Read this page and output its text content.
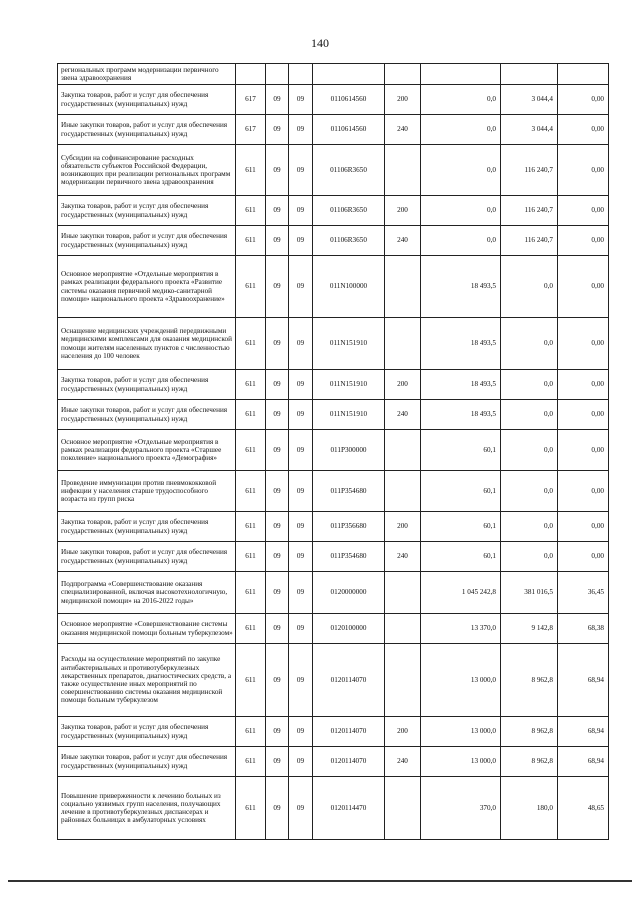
140
региональных программ модернизации первичного звена здравоохранения								
Закупка товаров, работ и услуг для обеспечения государственных (муниципальных) нужд	617	09	09	0110614560	200	0,0	3 044,4	0,00
Иные закупки товаров, работ и услуг для обеспечения государственных (муниципальных) нужд	617	09	09	0110614560	240	0,0	3 044,4	0,00
Субсидии на софинансирование расходных обязательств субъектов Российской Федерации, возникающих при реализации региональных программ модернизации первичного звена здравоохранения	611	09	09	01106R3650		0,0	116 240,7	0,00
Закупка товаров, работ и услуг для обеспечения государственных (муниципальных) нужд	611	09	09	01106R3650	200	0,0	116 240,7	0,00
Иные закупки товаров, работ и услуг для обеспечения государственных (муниципальных) нужд	611	09	09	01106R3650	240	0,0	116 240,7	0,00
Основное мероприятие «Отдельные мероприятия в рамках реализации федерального проекта «Развитие системы оказания первичной медико-санитарной помощи» национального проекта «Здравоохранение»	611	09	09	011N100000		18 493,5	0,0	0,00
Оснащение медицинских учреждений передвижными медицинскими комплексами для оказания медицинской помощи жителям населенных пунктов с численностью населения до 100 человек	611	09	09	011N151910		18 493,5	0,0	0,00
Закупка товаров, работ и услуг для обеспечения государственных (муниципальных) нужд	611	09	09	011N151910	200	18 493,5	0,0	0,00
Иные закупки товаров, работ и услуг для обеспечения государственных (муниципальных) нужд	611	09	09	011N151910	240	18 493,5	0,0	0,00
Основное мероприятие «Отдельные мероприятия в рамках реализации федерального проекта «Старшее поколение» национального проекта «Демография»	611	09	09	011P300000		60,1	0,0	0,00
Проведение иммунизации против пневмококковой инфекции у населения старше трудоспособного возраста из групп риска	611	09	09	011P354680		60,1	0,0	0,00
Закупка товаров, работ и услуг для обеспечения государственных (муниципальных) нужд	611	09	09	011P356680	200	60,1	0,0	0,00
Иные закупки товаров, работ и услуг для обеспечения государственных (муниципальных) нужд	611	09	09	011P354680	240	60,1	0,0	0,00
Подпрограмма «Совершенствование оказания специализированной, включая высокотехнологичную, медицинской помощи» на 2016-2022 годы»	611	09	09	0120000000		1 045 242,8	381 016,5	36,45
Основное мероприятие «Совершенствование системы оказания медицинской помощи больным туберкулезом»	611	09	09	0120100000		13 370,0	9 142,8	68,38
Расходы на осуществление мероприятий по закупке антибактериальных и противотуберкулезных лекарственных препаратов, диагностических средств, а также осуществление иных мероприятий по совершенствованию системы оказания медицинской помощи больным туберкулезом	611	09	09	0120114070		13 000,0	8 962,8	68,94
Закупка товаров, работ и услуг для обеспечения государственных (муниципальных) нужд	611	09	09	0120114070	200	13 000,0	8 962,8	68,94
Иные закупки товаров, работ и услуг для обеспечения государственных (муниципальных) нужд	611	09	09	0120114070	240	13 000,0	8 962,8	68,94
Повышение приверженности к лечению больных из социально уязвимых групп населения, получающих лечение в противотуберкулезных диспансерах и районных больницах в амбулаторных условиях	611	09	09	0120114470		370,0	180,0	48,65
